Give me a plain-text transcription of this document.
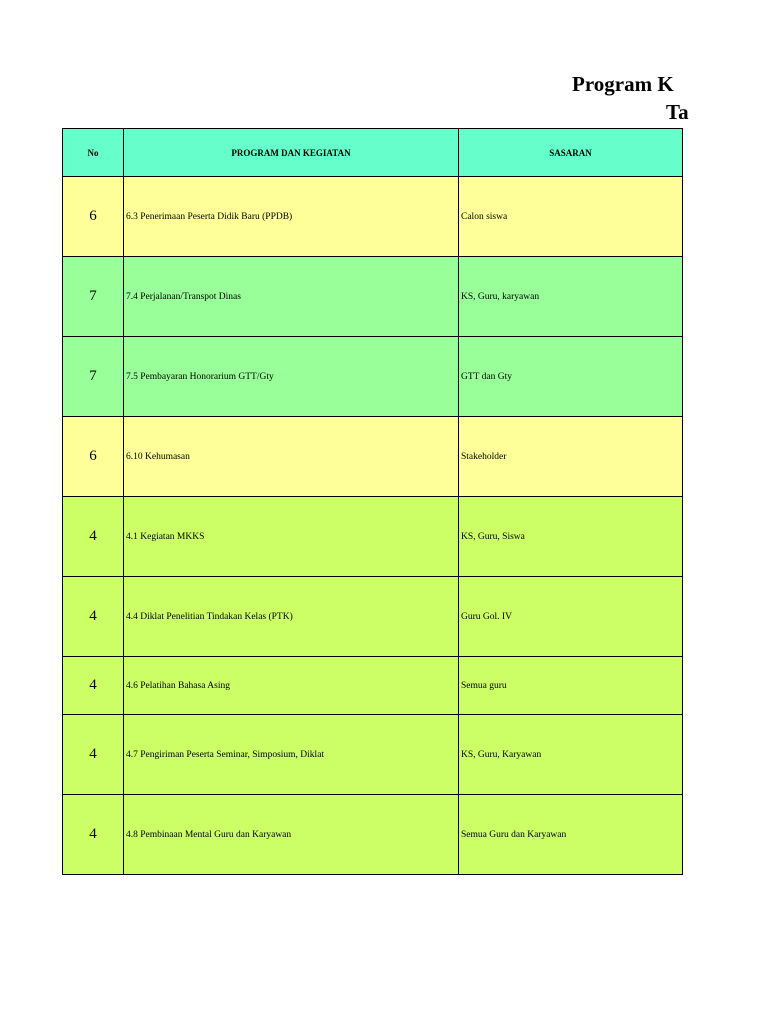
Program K
Ta
No	PROGRAM DAN KEGIATAN	SASARAN
6	6.3 Penerimaan Peserta Didik Baru (PPDB)	Calon siswa
7	7.4 Perjalanan/Transpot Dinas	KS, Guru, karyawan
7	7.5 Pembayaran Honorarium GTT/Gty	GTT dan Gty
6	6.10 Kehumasan	Stakeholder
4	4.1 Kegiatan MKKS	KS, Guru, Siswa
4	4.4 Diklat Penelitian Tindakan Kelas (PTK)	Guru Gol. IV
4	4.6 Pelatihan Bahasa Asing	Semua guru
4	4.7 Pengiriman Peserta Seminar, Simposium, Diklat	KS, Guru, Karyawan
4	4.8 Pembinaan Mental Guru dan Karyawan	Semua Guru dan Karyawan
